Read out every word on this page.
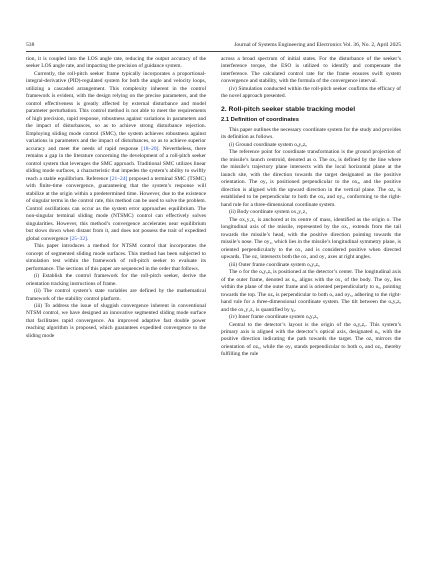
538	Journal of Systems Engineering and Electronics Vol. 36, No. 2, April 2025

tion, it is coupled into the LOS angle rate, reducing the output accuracy of the seeker LOS angle rate, and impacting the precision of guidance system.

Currently, the roll-pitch seeker frame typically incorporates a proportional-integral-derivative (PID)-regulated system for both the angle and velocity loops, utilizing a cascaded arrangement. This complexity inherent in the control framework is evident, with the design relying on the precise parameters, and the control effectiveness is greatly affected by external disturbance and model parameter perturbation. This control method is not able to meet the requirements of high precision, rapid response, robustness against variations in parameters and the impact of disturbances, so as to achieve strong disturbance rejection. Employing sliding mode control (SMC), the system achieves robustness against variations in parameters and the impact of disturbances, so as to achieve superior accuracy and meet the needs of rapid response [18–20]. Nevertheless, there remains a gap in the literature concerning the development of a roll-pitch seeker control system that leverages the SMC approach. Traditional SMC utilizes linear sliding mode surfaces, a characteristic that impedes the system’s ability to swiftly reach a stable equilibrium. Reference [21–24] proposed a terminal SMC (TSMC) with finite-time convergence, guaranteeing that the system’s response will stabilize at the origin within a predetermined time. However, due to the existence of singular terms in the control rate, this method can be used to solve the problem. Control oscillations can occur as the system error approaches equilibrium. The non-singular terminal sliding mode (NTSMC) control can effectively solves singularities. However, this method’s convergence accelerates near equilibrium but slows down when distant from it, and does not possess the trait of expedited global convergence [25–32].

This paper introduces a method for NTSM control that incorporates the concept of segmented sliding mode surfaces. This method has been subjected to simulation test within the framework of roll-pitch seeker to evaluate its performance. The sections of this paper are sequenced in the order that follows.

(i) Establish the control framework for the roll-pitch seeker, derive the orientation tracking instructions of frame.

(ii) The control system’s state variables are defined by the mathematical framework of the stability control platform.

(iii) To address the issue of sluggish convergence inherent in conventional NTSM control, we have designed an innovative segmented sliding mode surface that facilitates rapid convergence. An improved adaptive fast double power reaching algorithm is proposed, which guarantees expedited convergence to the sliding mode

across a broad spectrum of initial states. For the disturbance of the seeker’s interference torque, the ESO is utilized to identify and compensate the interference. The calculated control rate for the frame ensures swift system convergence and stability, with the formula of the convergence interval.

(iv) Simulation conducted within the roll-pitch seeker confirms the efficacy of the novel approach presented.

2. Roll-pitch seeker stable tracking model

2.1 Definition of coordinates

This paper outlines the necessary coordinate system for the study and provides its definition as follows.

(i) Ground coordinate system oₓyₓzₓ

The reference point for coordinate transformation is the ground projection of the missile’s launch centroid, denoted as o. The oxₓ is defined by the line where the missile’s trajectory plane intersects with the local horizontal plane at the launch site, with the direction towards the target designated as the positive orientation. The oyₓ is positioned perpendicular to the oxₓ, and the positive direction is aligned with the upward direction in the vertical plane. The ozₓ is established to be perpendicular to both the oxₓ and oyₓ, conforming to the right-hand rule for a three-dimensional coordinate system.

(ii) Body coordinate system ox₁y₁z₁

The ox₁y₁z₁ is anchored at its centre of mass, identified as the origin o. The longitudinal axis of the missile, represented by the ox₁, extends from the tail towards the missile’s head, with the positive direction pointing towards the missile’s nose. The oy₁, which lies in the missile’s longitudinal symmetry plane, is oriented perpendicularly to the ox₁ and is considered positive when directed upwards. The oz₁ intersects both the ox₁ and oy₁ axes at right angles.

(iii) Outer frame coordinate system oₓyₓzₓ

The o for the oₓyₓzₓ is positioned at the detector’s center. The longitudinal axis of the outer frame, denoted as oₓ, aligns with the ox₁ of the body. The oyₓ lies within the plane of the outer frame and is oriented perpendicularly to oₓ, pointing towards the top. The ozₓ is perpendicular to both oₓ and oyₓ, adhering to the right-hand rule for a three-dimensional coordinate system. The tilt between the oₓyₓzₓ and the ox₁y₁z₁ is quantified by γₓ.

(iv) Inner frame coordinate system oᵧyᵧzᵧ

Central to the detector’s layout is the origin of the oᵧyᵧzᵧ. This system’s primary axis is aligned with the detector’s optical axis, designated oᵧ, with the positive direction indicating the path towards the target. The ozᵧ mirrors the orientation of ozₓ, while the oyᵧ stands perpendicular to both oᵧ and ozᵧ, thereby fulfilling the rule
